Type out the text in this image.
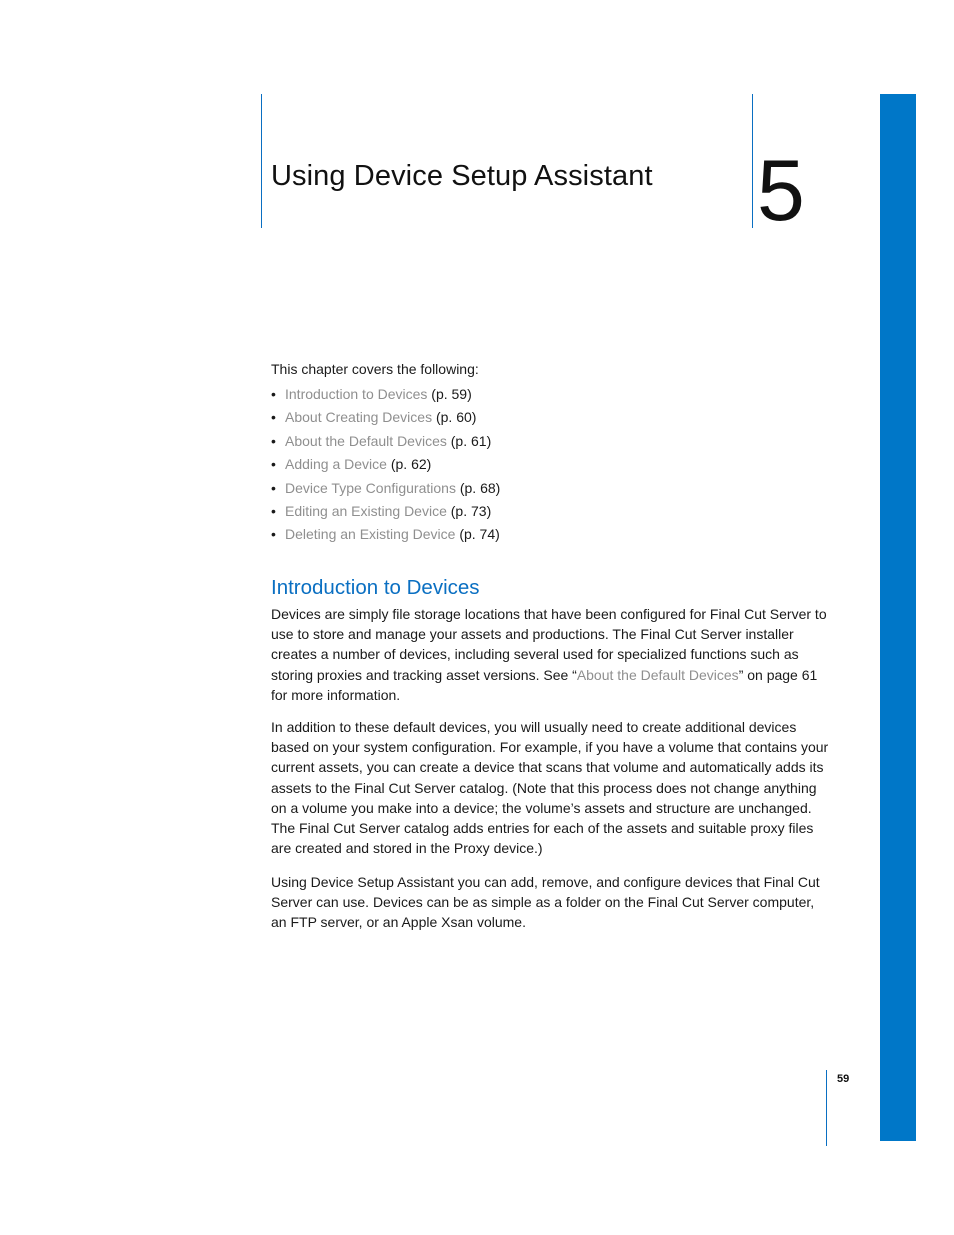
Using Device Setup Assistant 5
This chapter covers the following:
• Introduction to Devices (p. 59)
• About Creating Devices (p. 60)
• About the Default Devices (p. 61)
• Adding a Device (p. 62)
• Device Type Configurations (p. 68)
• Editing an Existing Device (p. 73)
• Deleting an Existing Device (p. 74)
Introduction to Devices

Devices are simply file storage locations that have been configured for Final Cut Server to use to store and manage your assets and productions. The Final Cut Server installer creates a number of devices, including several used for specialized functions such as storing proxies and tracking asset versions. See “About the Default Devices” on page 61 for more information.

In addition to these default devices, you will usually need to create additional devices based on your system configuration. For example, if you have a volume that contains your current assets, you can create a device that scans that volume and automatically adds its assets to the Final Cut Server catalog. (Note that this process does not change anything on a volume you make into a device; the volume’s assets and structure are unchanged. The Final Cut Server catalog adds entries for each of the assets and suitable proxy files are created and stored in the Proxy device.)

Using Device Setup Assistant you can add, remove, and configure devices that Final Cut Server can use. Devices can be as simple as a folder on the Final Cut Server computer, an FTP server, or an Apple Xsan volume.

59
